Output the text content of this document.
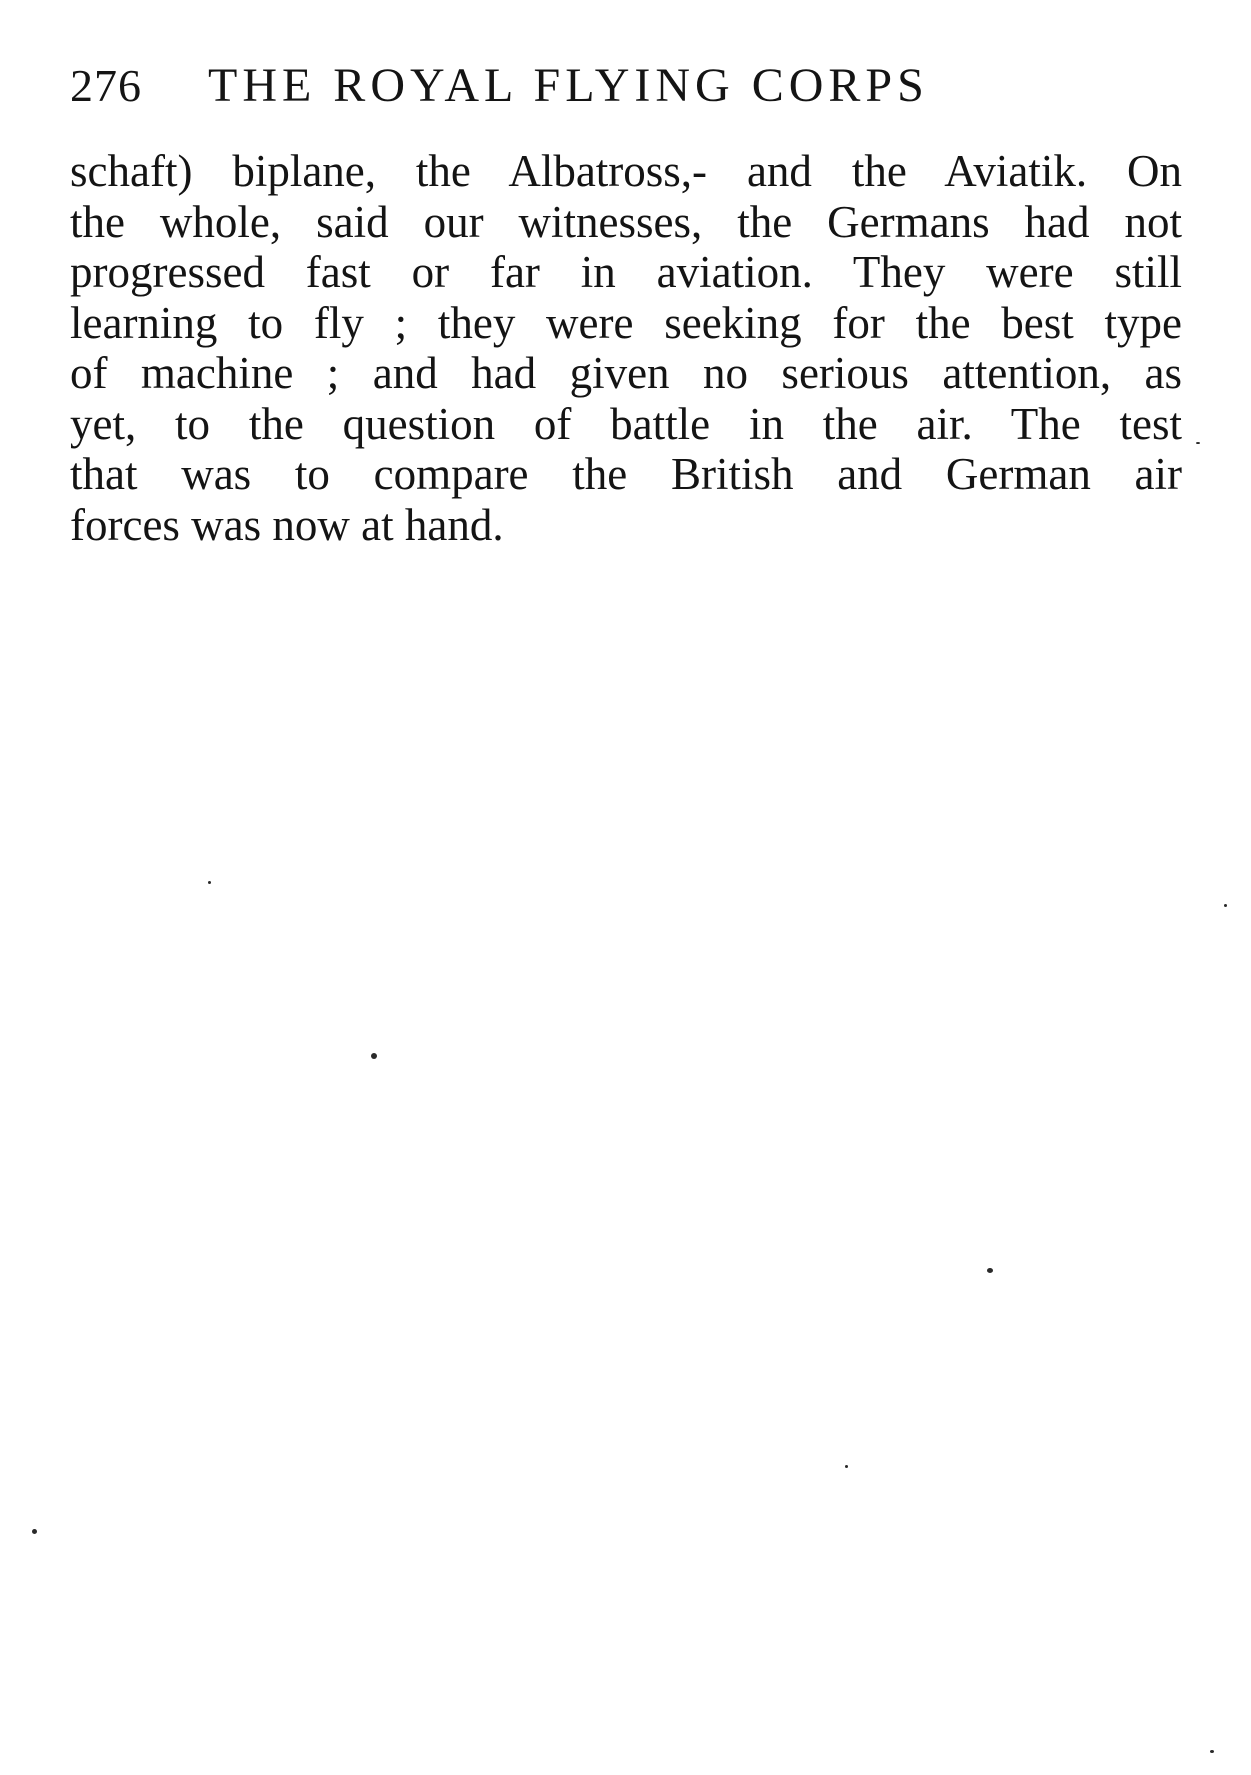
276 THE ROYAL FLYING CORPS
schaft) biplane, the Albatross,- and the Aviatik. On
the whole, said our witnesses, the Germans had not
progressed fast or far in aviation. They were still
learning to fly ; they were seeking for the best type
of machine ; and had given no serious attention, as
yet, to the question of battle in the air. The test
that was to compare the British and German air
forces was now at hand.
